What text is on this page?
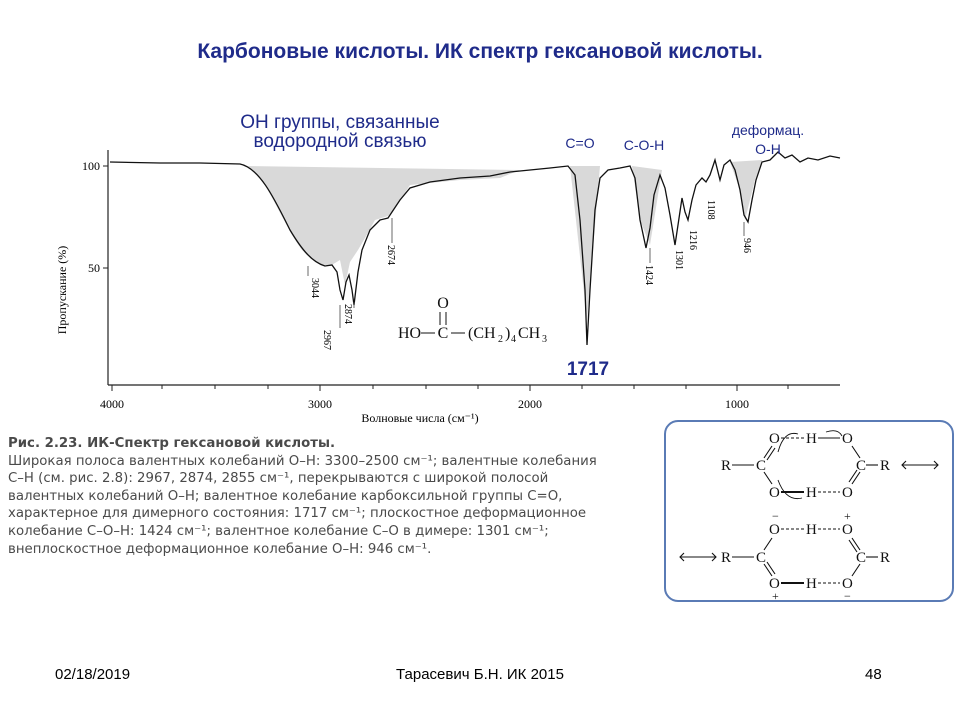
Карбоновые кислоты. ИК спектр гексановой кислоты.
100
50
Пропускание (%)
4000	3000	2000	1000
Волновые числа (см⁻¹)
3044
2967
2874
2674
1424
1301
1216
1108
946
OH группы, связанные
водородной связью	C=O C-O-H
деформац.
О-Н
1717
O
HO C (CH 2 ) 4 CH 3
Рис. 2.23. ИК-Спектр гексановой кислоты.
Широкая полоса валентных колебаний О–Н: 3300–2500 см⁻¹; валентные колебания
С–Н (см. рис. 2.8): 2967, 2874, 2855 см⁻¹, перекрываются с широкой полосой
валентных колебаний О–Н; валентное колебание карбоксильной группы С=О,
характерное для димерного состояния: 1717 см⁻¹; плоскостное деформационное
колебание С–О–Н: 1424 см⁻¹; валентное колебание С–О в димере: 1301 см⁻¹;
внеплоскостное деформационное колебание О–Н: 946 см⁻¹.
R C
O H O
C R
O H O
−	+
O H O
R C	C R
O H O
+	−
02/18/2019	Тарасевич Б.Н. ИК 2015	48
